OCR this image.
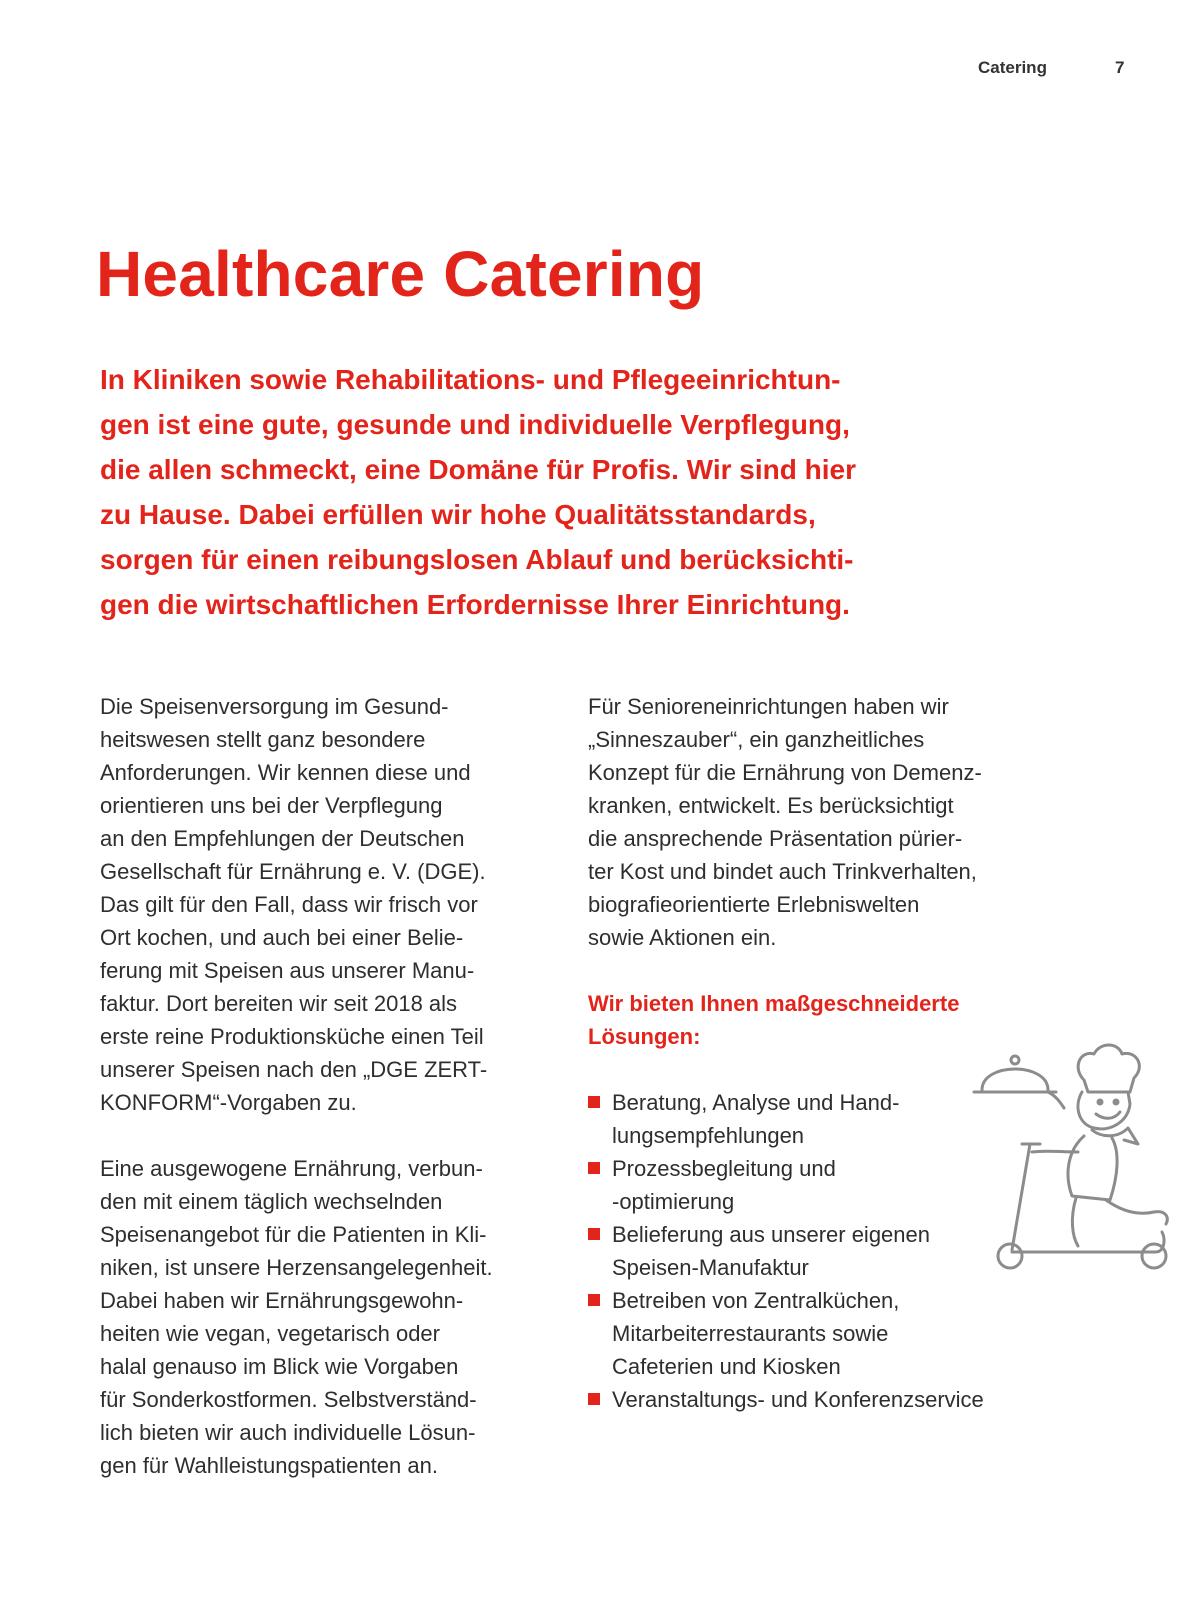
Catering	7
Healthcare Catering

In Kliniken sowie Rehabilitations- und Pflegeeinrichtun-
gen ist eine gute, gesunde und individuelle Verpflegung,
die allen schmeckt, eine Domäne für Profis. Wir sind hier
zu Hause. Dabei erfüllen wir hohe Qualitätsstandards,
sorgen für einen reibungslosen Ablauf und berücksichti-
gen die wirtschaftlichen Erfordernisse Ihrer Einrichtung.

Die Speisenversorgung im Gesund-
heitswesen stellt ganz besondere
Anforderungen. Wir kennen diese und
orientieren uns bei der Verpflegung
an den Empfehlungen der Deutschen
Gesellschaft für Ernährung e. V. (DGE).
Das gilt für den Fall, dass wir frisch vor
Ort kochen, und auch bei einer Belie-
ferung mit Speisen aus unserer Manu-
faktur. Dort bereiten wir seit 2018 als
erste reine Produktionsküche einen Teil
unserer Speisen nach den „DGE ZERT-
KONFORM“-Vorgaben zu.

Eine ausgewogene Ernährung, verbun-
den mit einem täglich wechselnden
Speisenangebot für die Patienten in Kli-
niken, ist unsere Herzensangelegenheit.
Dabei haben wir Ernährungsgewohn-
heiten wie vegan, vegetarisch oder
halal genauso im Blick wie Vorgaben
für Sonderkostformen. Selbstverständ-
lich bieten wir auch individuelle Lösun-
gen für Wahlleistungspatienten an.

Für Senioreneinrichtungen haben wir
„Sinneszauber“, ein ganzheitliches
Konzept für die Ernährung von Demenz-
kranken, entwickelt. Es berücksichtigt
die ansprechende Präsentation pürier-
ter Kost und bindet auch Trinkverhalten,
biografieorientierte Erlebniswelten
sowie Aktionen ein.

Wir bieten Ihnen maßgeschneiderte
Lösungen:

Beratung, Analyse und Hand-
lungsempfehlungen
Prozessbegleitung und
-optimierung
Belieferung aus unserer eigenen
Speisen-Manufaktur
Betreiben von Zentralküchen,
Mitarbeiterrestaurants sowie
Cafeterien und Kiosken
Veranstaltungs- und Konferenzservice
